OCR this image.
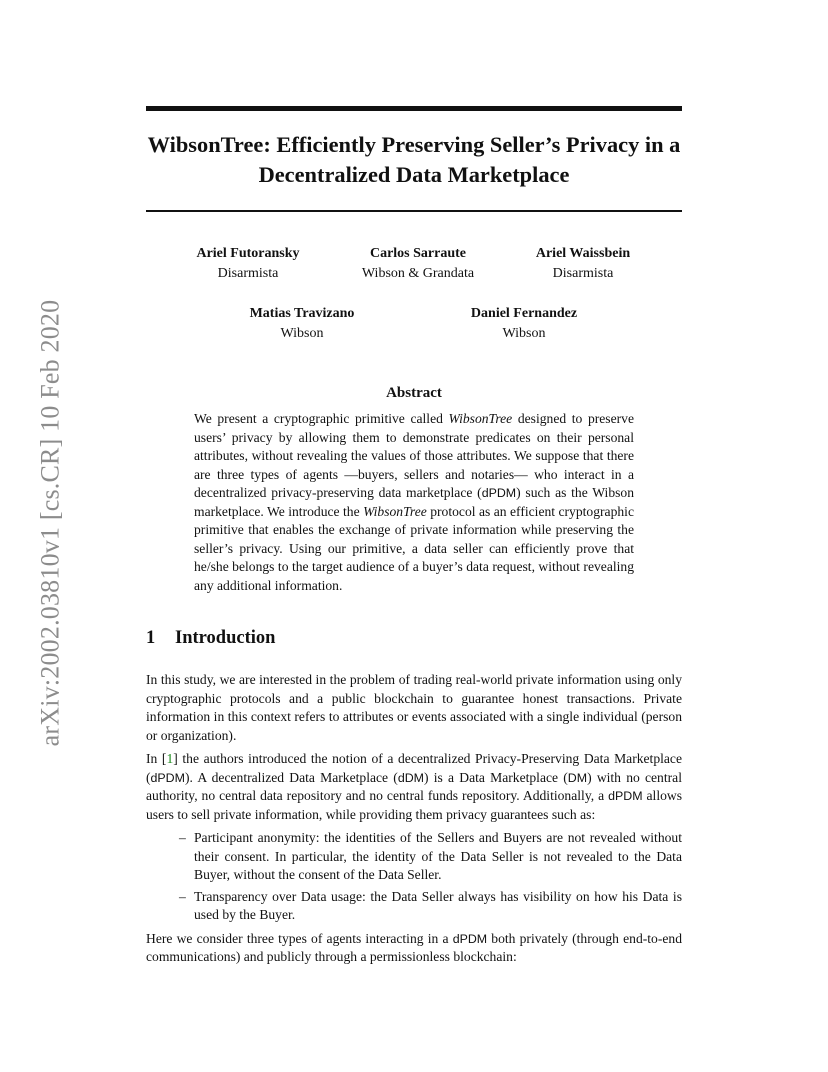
arXiv:2002.03810v1 [cs.CR] 10 Feb 2020
WibsonTree: Efficiently Preserving Seller’s Privacy in a Decentralized Data Marketplace
Ariel Futoransky
Disarmista
Carlos Sarraute
Wibson & Grandata
Ariel Waissbein
Disarmista
Matias Travizano
Wibson
Daniel Fernandez
Wibson
Abstract
We present a cryptographic primitive called WibsonTree designed to preserve users’ privacy by allowing them to demonstrate predicates on their personal attributes, without revealing the values of those attributes. We suppose that there are three types of agents —buyers, sellers and notaries— who interact in a decentralized privacy-preserving data marketplace (dPDM) such as the Wibson marketplace. We introduce the WibsonTree protocol as an efficient cryptographic primitive that enables the exchange of private information while preserving the seller’s privacy. Using our primitive, a data seller can efficiently prove that he/she belongs to the target audience of a buyer’s data request, without revealing any additional information.
1 Introduction

In this study, we are interested in the problem of trading real-world private information using only cryptographic protocols and a public blockchain to guarantee honest transactions. Private information in this context refers to attributes or events associated with a single individual (person or organization).

In [1] the authors introduced the notion of a decentralized Privacy-Preserving Data Marketplace (dPDM). A decentralized Data Marketplace (dDM) is a Data Marketplace (DM) with no central authority, no central data repository and no central funds repository. Additionally, a dPDM allows users to sell private information, while providing them privacy guarantees such as:

– Participant anonymity: the identities of the Sellers and Buyers are not revealed without their consent. In particular, the identity of the Data Seller is not revealed to the Data Buyer, without the consent of the Data Seller.
– Transparency over Data usage: the Data Seller always has visibility on how his Data is used by the Buyer.

Here we consider three types of agents interacting in a dPDM both privately (through end-to-end communications) and publicly through a permissionless blockchain:
